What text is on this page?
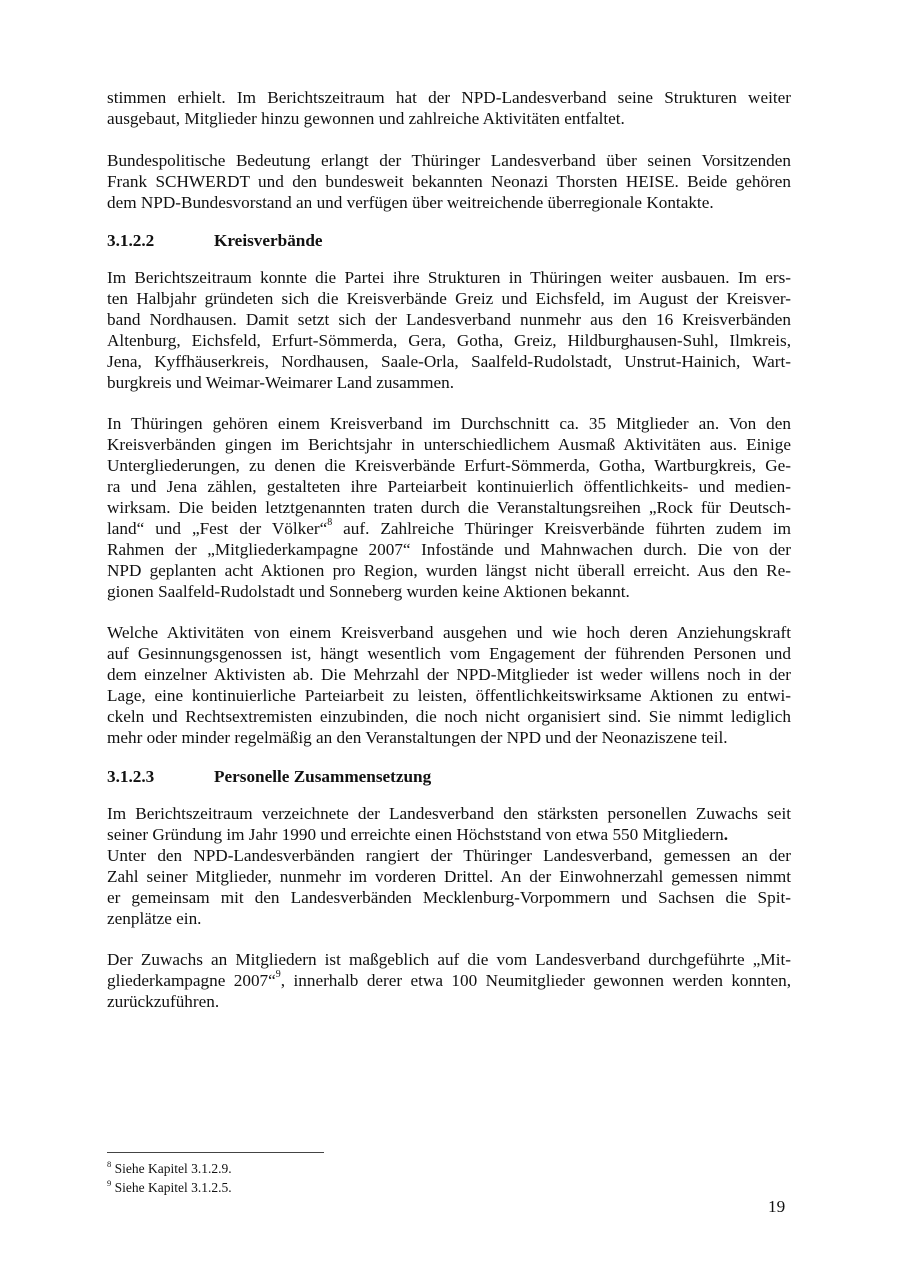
stimmen erhielt. Im Berichtszeitraum hat der NPD-Landesverband seine Strukturen weiter
ausgebaut, Mitglieder hinzu gewonnen und zahlreiche Aktivitäten entfaltet.
Bundespolitische Bedeutung erlangt der Thüringer Landesverband über seinen Vorsitzenden
Frank SCHWERDT und den bundesweit bekannten Neonazi Thorsten HEISE. Beide gehören
dem NPD-Bundesvorstand an und verfügen über weitreichende überregionale Kontakte.
3.1.2.2	Kreisverbände
Im Berichtszeitraum konnte die Partei ihre Strukturen in Thüringen weiter ausbauen. Im ers-
ten Halbjahr gründeten sich die Kreisverbände Greiz und Eichsfeld, im August der Kreisver-
band Nordhausen. Damit setzt sich der Landesverband nunmehr aus den 16 Kreisverbänden
Altenburg, Eichsfeld, Erfurt-Sömmerda, Gera, Gotha, Greiz, Hildburghausen-Suhl, Ilmkreis,
Jena, Kyffhäuserkreis, Nordhausen, Saale-Orla, Saalfeld-Rudolstadt, Unstrut-Hainich, Wart-
burgkreis und Weimar-Weimarer Land zusammen.
In Thüringen gehören einem Kreisverband im Durchschnitt ca. 35 Mitglieder an. Von den
Kreisverbänden gingen im Berichtsjahr in unterschiedlichem Ausmaß Aktivitäten aus. Einige
Untergliederungen, zu denen die Kreisverbände Erfurt-Sömmerda, Gotha, Wartburgkreis, Ge-
ra und Jena zählen, gestalteten ihre Parteiarbeit kontinuierlich öffentlichkeits- und medien-
wirksam. Die beiden letztgenannten traten durch die Veranstaltungsreihen „Rock für Deutsch-
land“ und „Fest der Völker“$^8$ auf. Zahlreiche Thüringer Kreisverbände führten zudem im
Rahmen der „Mitgliederkampagne 2007“ Infostände und Mahnwachen durch. Die von der
NPD geplanten acht Aktionen pro Region, wurden längst nicht überall erreicht. Aus den Re-
gionen Saalfeld-Rudolstadt und Sonneberg wurden keine Aktionen bekannt.
Welche Aktivitäten von einem Kreisverband ausgehen und wie hoch deren Anziehungskraft
auf Gesinnungsgenossen ist, hängt wesentlich vom Engagement der führenden Personen und
dem einzelner Aktivisten ab. Die Mehrzahl der NPD-Mitglieder ist weder willens noch in der
Lage, eine kontinuierliche Parteiarbeit zu leisten, öffentlichkeitswirksame Aktionen zu entwi-
ckeln und Rechtsextremisten einzubinden, die noch nicht organisiert sind. Sie nimmt lediglich
mehr oder minder regelmäßig an den Veranstaltungen der NPD und der Neonaziszene teil.
3.1.2.3	Personelle Zusammensetzung
Im Berichtszeitraum verzeichnete der Landesverband den stärksten personellen Zuwachs seit
seiner Gründung im Jahr 1990 und erreichte einen Höchststand von etwa 550 Mitgliedern.
Unter den NPD-Landesverbänden rangiert der Thüringer Landesverband, gemessen an der
Zahl seiner Mitglieder, nunmehr im vorderen Drittel. An der Einwohnerzahl gemessen nimmt
er gemeinsam mit den Landesverbänden Mecklenburg-Vorpommern und Sachsen die Spit-
zenplätze ein.
Der Zuwachs an Mitgliedern ist maßgeblich auf die vom Landesverband durchgeführte „Mit-
gliederkampagne 2007“$^9$, innerhalb derer etwa 100 Neumitglieder gewonnen werden konnten,
zurückzuführen.
$^8$ Siehe Kapitel 3.1.2.9.
$^9$ Siehe Kapitel 3.1.2.5.
19
